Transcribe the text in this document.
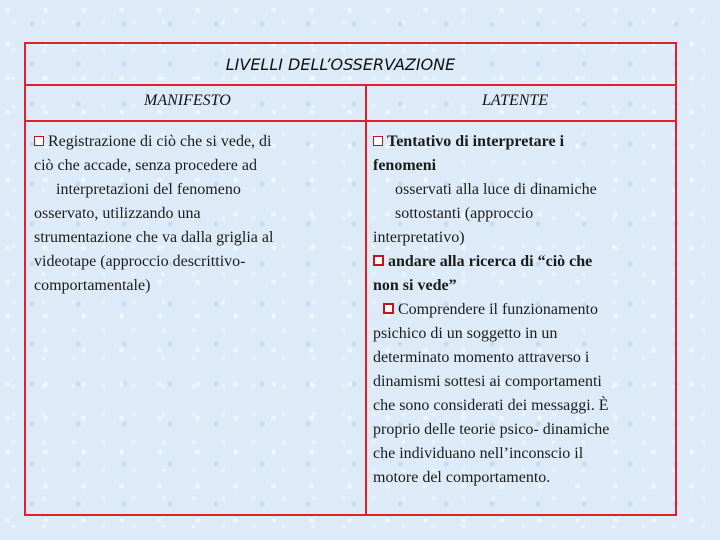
LIVELLI DELL’OSSERVAZIONE
MANIFESTO	LATENTE

Registrazione di ciò che si vede, di

ciò che accade, senza procedere ad

interpretazioni del fenomeno

osservato, utilizzando una

strumentazione che va dalla griglia al

videotape (approccio descrittivo-

comportamentale)

Tentativo di interpretare i

fenomeni

osservati alla luce di dinamiche

sottostanti (approccio

interpretativo)

andare alla ricerca di “ciò che

non si vede”

Comprendere il funzionamento

psichico di un soggetto in un

determinato momento attraverso i

dinamismi sottesi ai comportamenti

che sono considerati dei messaggi. È

proprio delle teorie psico- dinamiche

che individuano nell’inconscio il

motore del comportamento.
